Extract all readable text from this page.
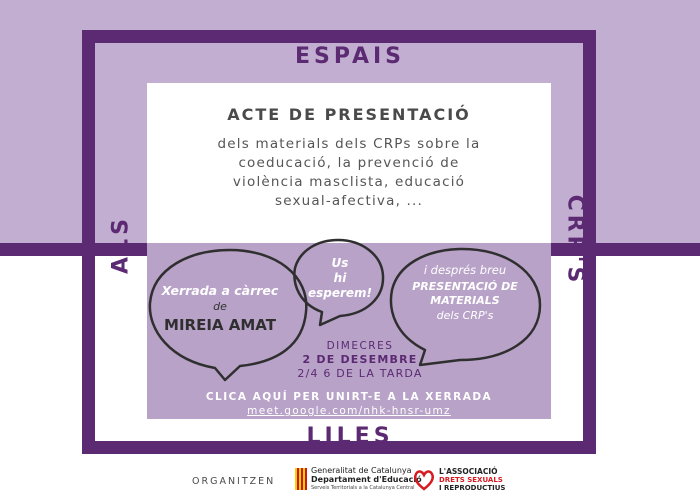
ESPAIS
LILES
ALS	CRP'S
ACTE DE PRESENTACIÓ
dels materials dels CRPs sobre la
coeducació, la prevenció de
violència masclista, educació
sexual-afectiva, ...
Xerrada a càrrec
de
MIREIA AMAT
Us
hi
esperem!
i després breu
PRESENTACIÓ DE
MATERIALS
dels CRP's
DIMECRES
2 DE DESEMBRE
2/4 6 DE LA TARDA
CLICA AQUÍ PER UNIRT-E A LA XERRADA
meet.google.com/nhk-hnsr-umz
ORGANITZEN
Generalitat de Catalunya
Departament d'Educació
Serveis Territorials a la Catalunya Central
L'ASSOCIACIÓ
DRETS SEXUALS
I REPRODUCTIUS
